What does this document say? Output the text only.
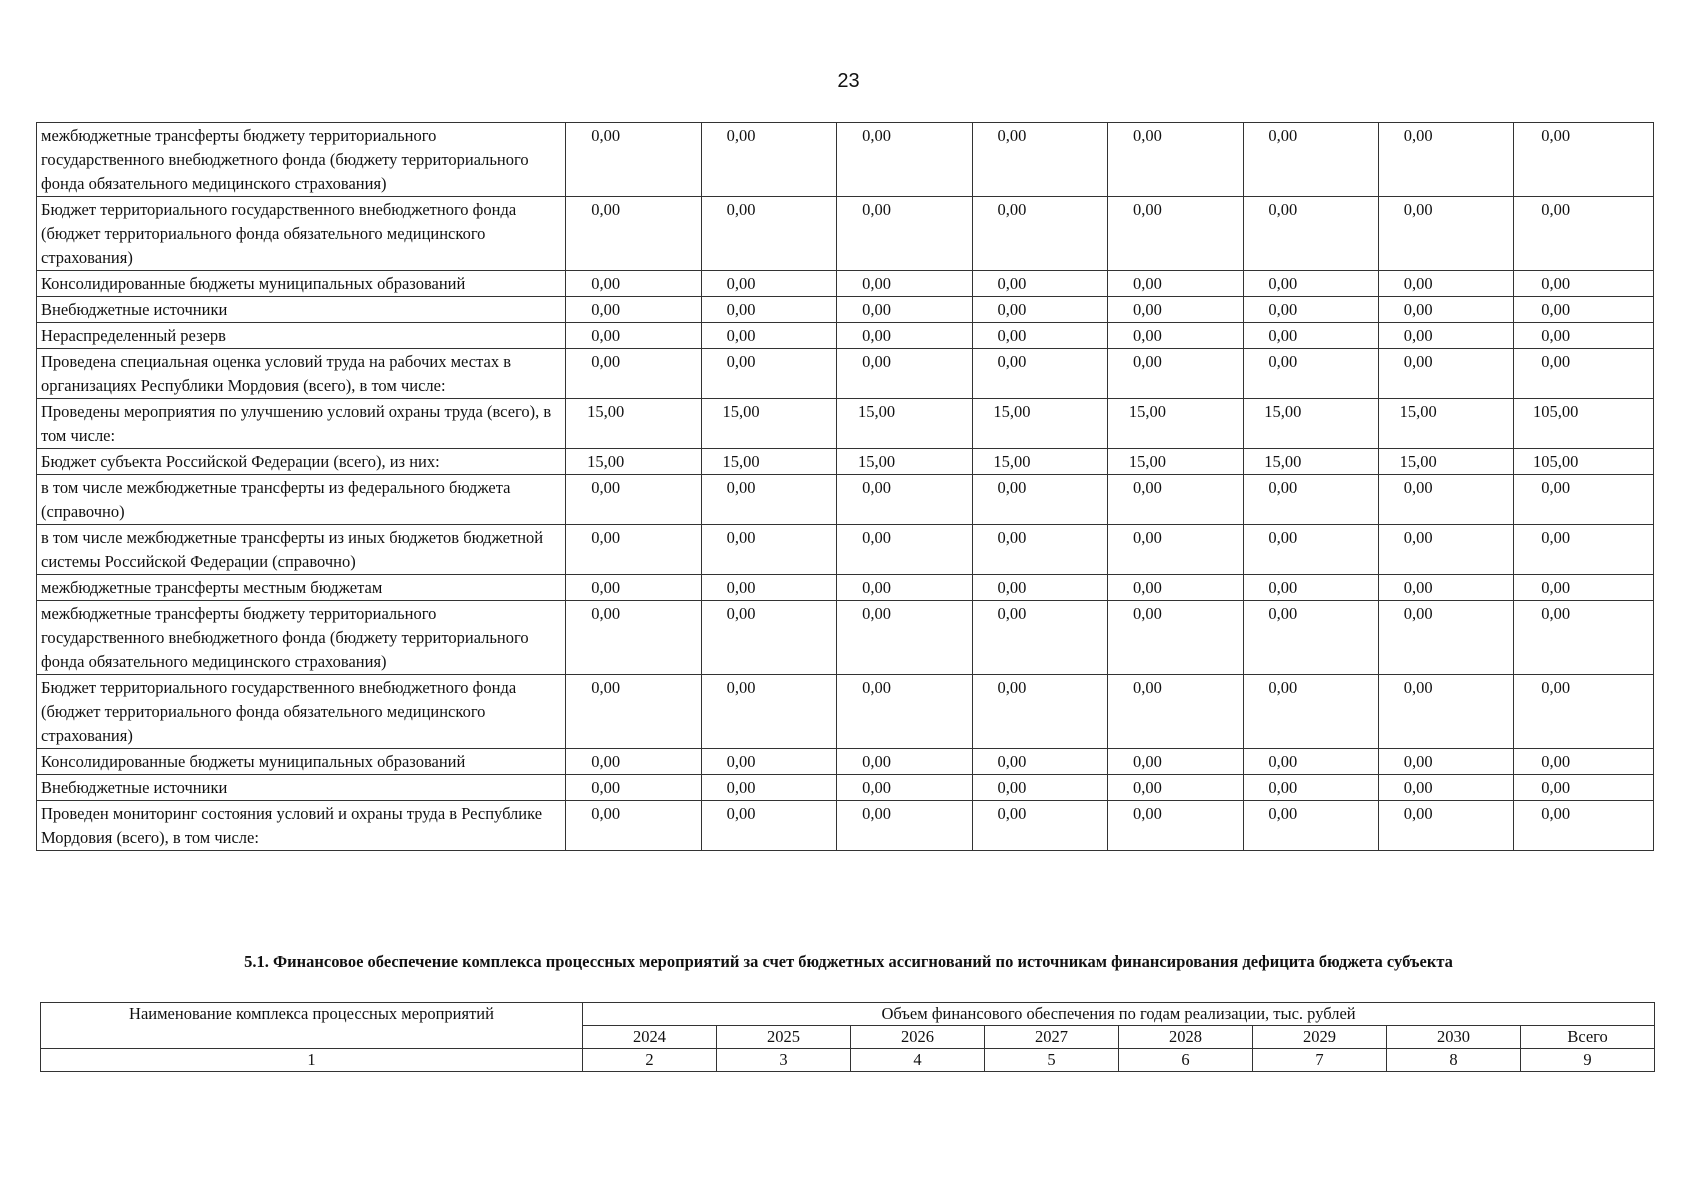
23
межбюджетные трансферты бюджету территориального государственного внебюджетного фонда (бюджету территориального фонда обязательного медицинского страхования)	0,00	0,00	0,00	0,00	0,00	0,00	0,00	0,00
Бюджет территориального государственного внебюджетного фонда (бюджет территориального фонда обязательного медицинского страхования)	0,00	0,00	0,00	0,00	0,00	0,00	0,00	0,00
Консолидированные бюджеты муниципальных образований	0,00	0,00	0,00	0,00	0,00	0,00	0,00	0,00
Внебюджетные источники	0,00	0,00	0,00	0,00	0,00	0,00	0,00	0,00
Нераспределенный резерв	0,00	0,00	0,00	0,00	0,00	0,00	0,00	0,00
Проведена специальная оценка условий труда на рабочих местах в организациях Республики Мордовия (всего), в том числе:	0,00	0,00	0,00	0,00	0,00	0,00	0,00	0,00
Проведены мероприятия по улучшению условий охраны труда (всего), в том числе:	15,00	15,00	15,00	15,00	15,00	15,00	15,00	105,00
Бюджет субъекта Российской Федерации (всего), из них:	15,00	15,00	15,00	15,00	15,00	15,00	15,00	105,00
в том числе межбюджетные трансферты из федерального бюджета (справочно)	0,00	0,00	0,00	0,00	0,00	0,00	0,00	0,00
в том числе межбюджетные трансферты из иных бюджетов бюджетной системы Российской Федерации (справочно)	0,00	0,00	0,00	0,00	0,00	0,00	0,00	0,00
межбюджетные трансферты местным бюджетам	0,00	0,00	0,00	0,00	0,00	0,00	0,00	0,00
межбюджетные трансферты бюджету территориального государственного внебюджетного фонда (бюджету территориального фонда обязательного медицинского страхования)	0,00	0,00	0,00	0,00	0,00	0,00	0,00	0,00
Бюджет территориального государственного внебюджетного фонда (бюджет территориального фонда обязательного медицинского страхования)	0,00	0,00	0,00	0,00	0,00	0,00	0,00	0,00
Консолидированные бюджеты муниципальных образований	0,00	0,00	0,00	0,00	0,00	0,00	0,00	0,00
Внебюджетные источники	0,00	0,00	0,00	0,00	0,00	0,00	0,00	0,00
Проведен мониторинг состояния условий и охраны труда в Республике Мордовия (всего), в том числе:	0,00	0,00	0,00	0,00	0,00	0,00	0,00	0,00
5.1. Финансовое обеспечение комплекса процессных мероприятий за счет бюджетных ассигнований по источникам финансирования дефицита бюджета субъекта
Наименование комплекса процессных мероприятий	Объем финансового обеспечения по годам реализации, тыс. рублей							
	2024	2025	2026	2027	2028	2029	2030	Всего
1	2	3	4	5	6	7	8	9
